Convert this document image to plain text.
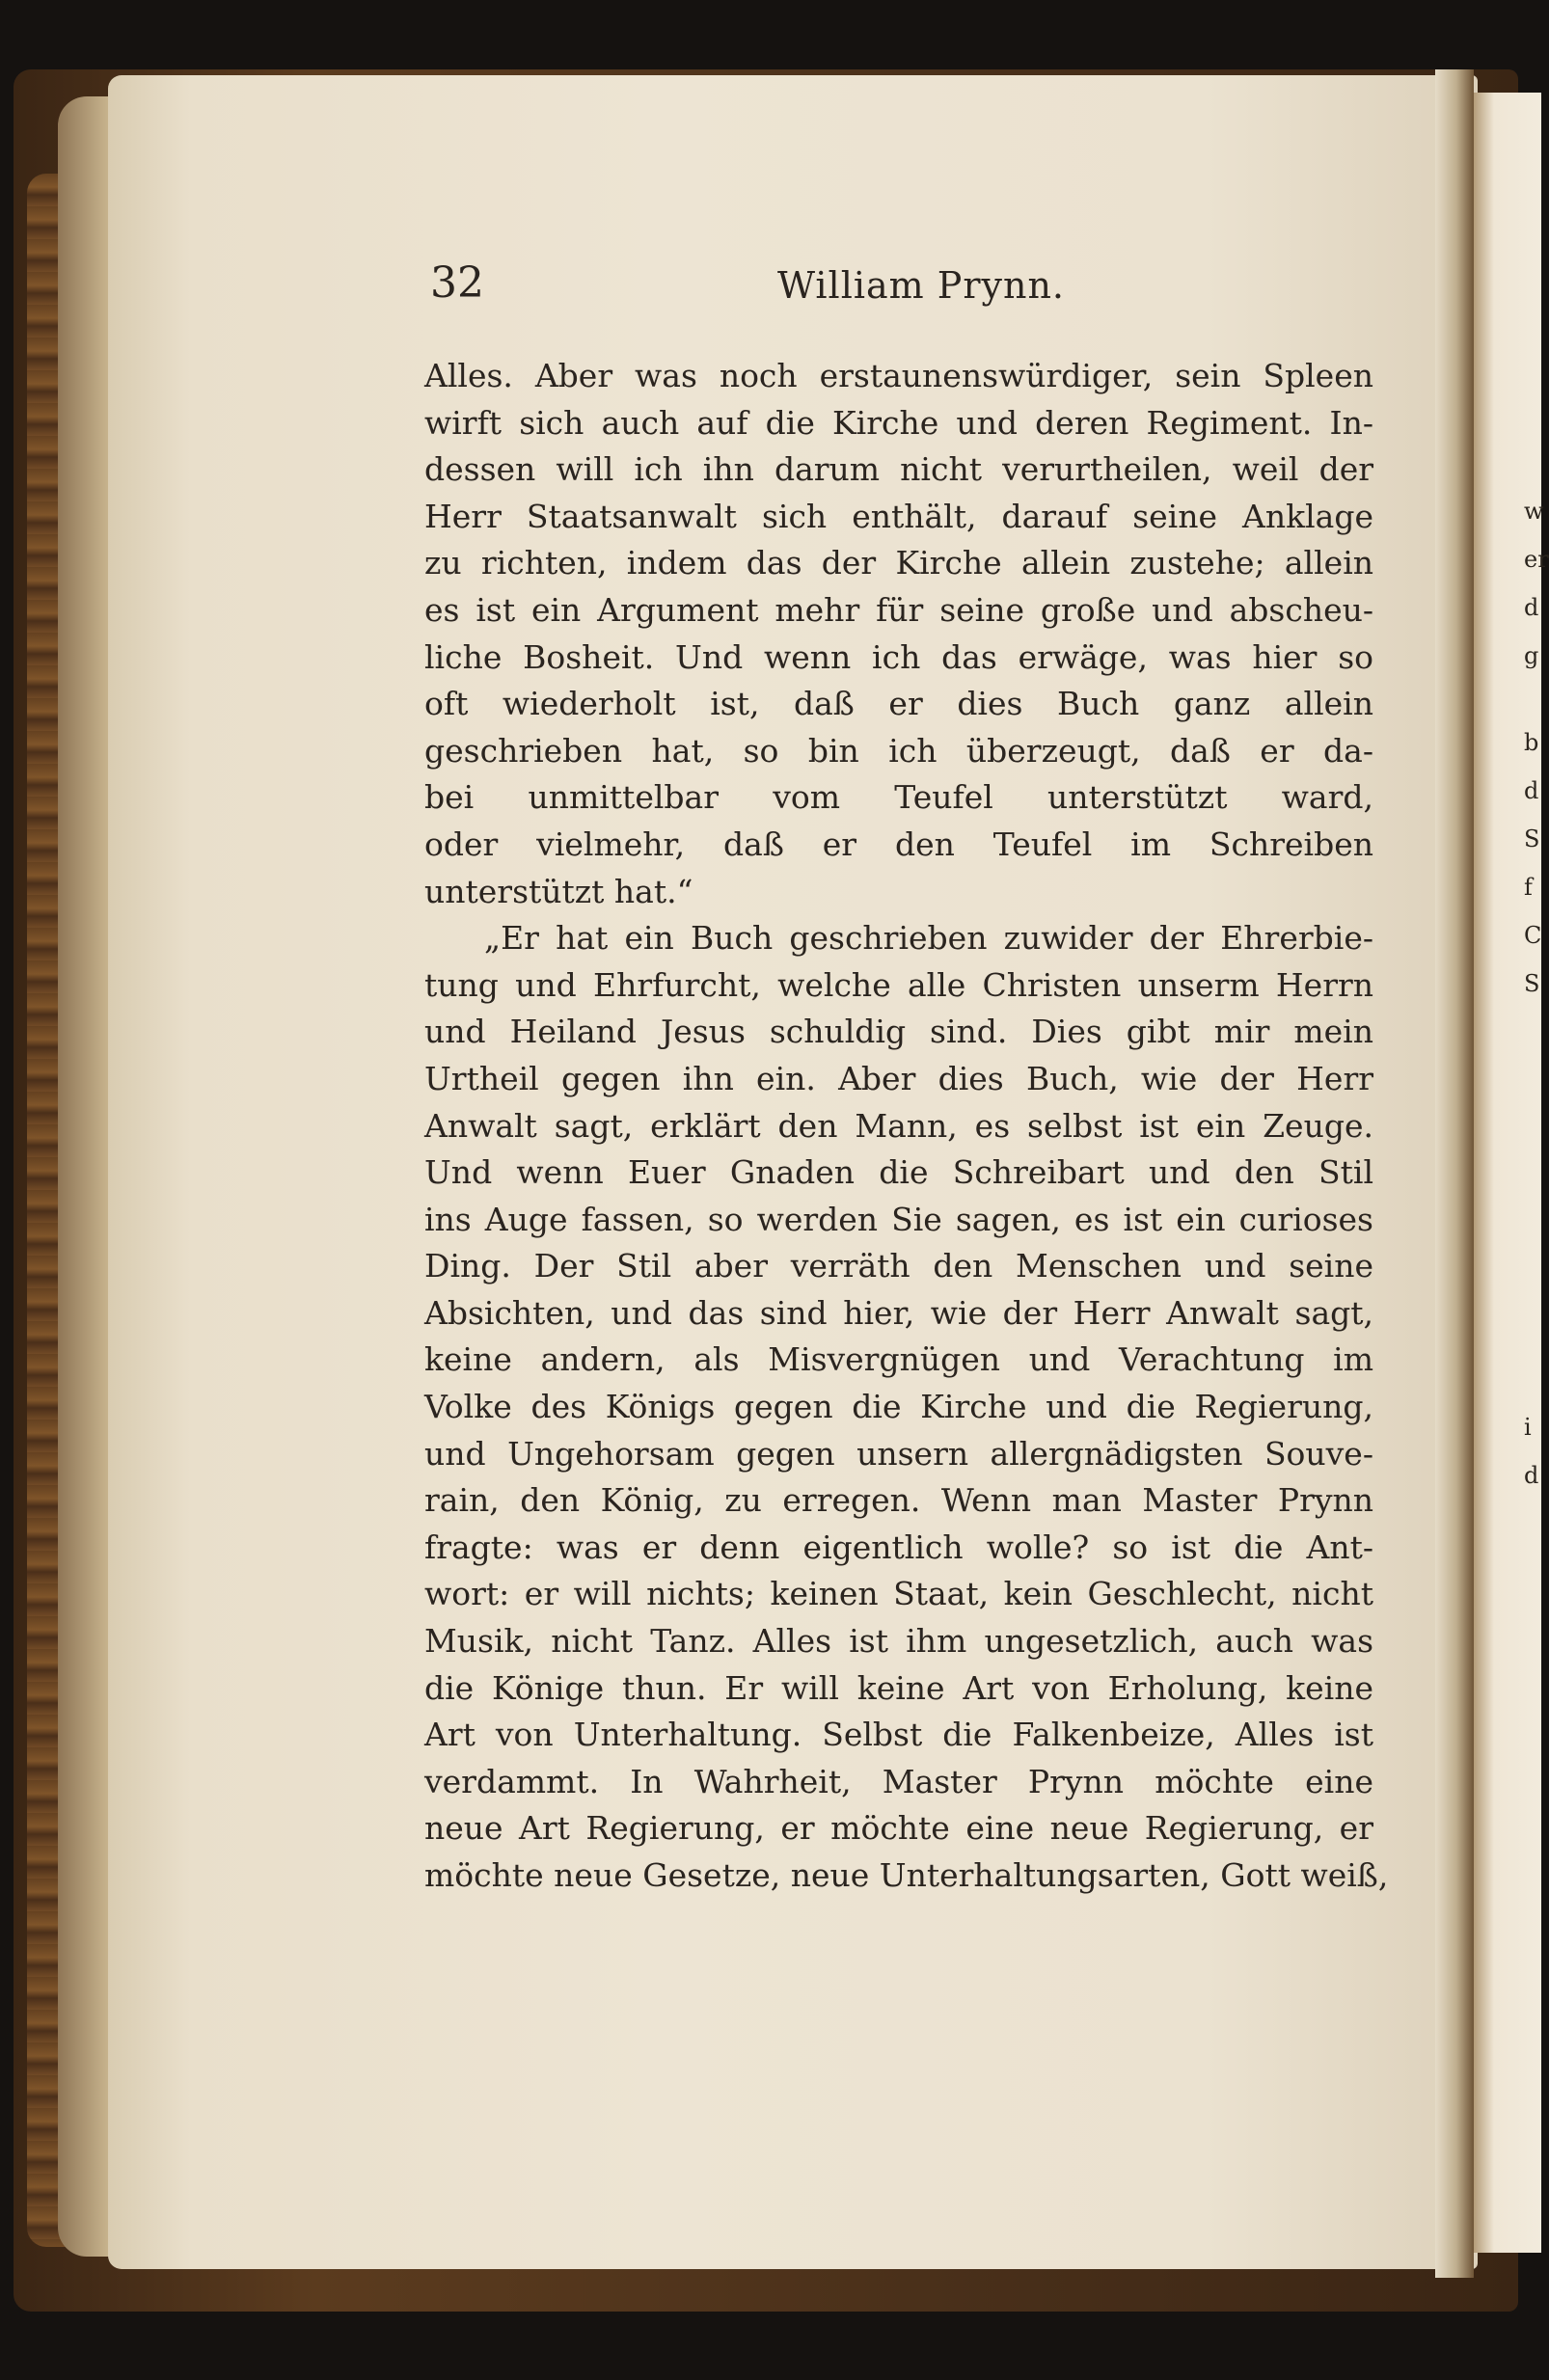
w
er
d
g
b
d
S
f
C
S
i
d
32	William Prynn.
Alles. Aber was noch erstaunenswürdiger, sein Spleen
wirft sich auch auf die Kirche und deren Regiment. In-
dessen will ich ihn darum nicht verurtheilen, weil der
Herr Staatsanwalt sich enthält, darauf seine Anklage
zu richten, indem das der Kirche allein zustehe; allein
es ist ein Argument mehr für seine große und abscheu-
liche Bosheit. Und wenn ich das erwäge, was hier so
oft wiederholt ist, daß er dies Buch ganz allein
geschrieben hat, so bin ich überzeugt, daß er da-
bei unmittelbar vom Teufel unterstützt ward,
oder vielmehr, daß er den Teufel im Schreiben
unterstützt hat.“
„Er hat ein Buch geschrieben zuwider der Ehrerbie-
tung und Ehrfurcht, welche alle Christen unserm Herrn
und Heiland Jesus schuldig sind. Dies gibt mir mein
Urtheil gegen ihn ein. Aber dies Buch, wie der Herr
Anwalt sagt, erklärt den Mann, es selbst ist ein Zeuge.
Und wenn Euer Gnaden die Schreibart und den Stil
ins Auge fassen, so werden Sie sagen, es ist ein curioses
Ding. Der Stil aber verräth den Menschen und seine
Absichten, und das sind hier, wie der Herr Anwalt sagt,
keine andern, als Misvergnügen und Verachtung im
Volke des Königs gegen die Kirche und die Regierung,
und Ungehorsam gegen unsern allergnädigsten Souve-
rain, den König, zu erregen. Wenn man Master Prynn
fragte: was er denn eigentlich wolle? so ist die Ant-
wort: er will nichts; keinen Staat, kein Geschlecht, nicht
Musik, nicht Tanz. Alles ist ihm ungesetzlich, auch was
die Könige thun. Er will keine Art von Erholung, keine
Art von Unterhaltung. Selbst die Falkenbeize, Alles ist
verdammt. In Wahrheit, Master Prynn möchte eine
neue Art Regierung, er möchte eine neue Regierung, er
möchte neue Gesetze, neue Unterhaltungsarten, Gott weiß,
